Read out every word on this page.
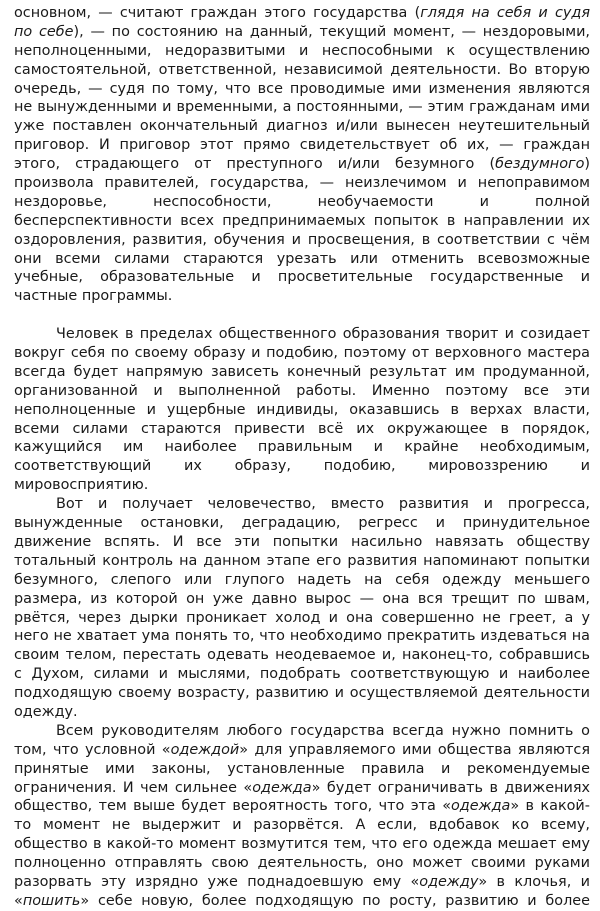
основном, — считают граждан этого государства (глядя на себя и судя
по себе), — по состоянию на данный, текущий момент, — нездоровыми,
неполноценными, недоразвитыми и неспособными к осуществлению
самостоятельной, ответственной, независимой деятельности. Во вторую
очередь, — судя по тому, что все проводимые ими изменения являются
не вынужденными и временными, а постоянными, — этим гражданам ими
уже поставлен окончательный диагноз и/или вынесен неутешительный
приговор. И приговор этот прямо свидетельствует об их, — граждан
этого, страдающего от преступного и/или безумного (бездумного)
произвола правителей, государства, — неизлечимом и непоправимом
нездоровье, неспособности, необучаемости и полной
бесперспективности всех предпринимаемых попыток в направлении их
оздоровления, развития, обучения и просвещения, в соответствии с чём
они всеми силами стараются урезать или отменить всевозможные
учебные, образовательные и просветительные государственные и
частные программы.
Человек в пределах общественного образования творит и созидает
вокруг себя по своему образу и подобию, поэтому от верховного мастера
всегда будет напрямую зависеть конечный результат им продуманной,
организованной и выполненной работы. Именно поэтому все эти
неполноценные и ущербные индивиды, оказавшись в верхах власти,
всеми силами стараются привести всё их окружающее в порядок,
кажущийся им наиболее правильным и крайне необходимым,
соответствующий их образу, подобию, мировоззрению и
мировосприятию.
Вот и получает человечество, вместо развития и прогресса,
вынужденные остановки, деградацию, регресс и принудительное
движение вспять. И все эти попытки насильно навязать обществу
тотальный контроль на данном этапе его развития напоминают попытки
безумного, слепого или глупого надеть на себя одежду меньшего
размера, из которой он уже давно вырос — она вся трещит по швам,
рвётся, через дырки проникает холод и она совершенно не греет, а у
него не хватает ума понять то, что необходимо прекратить издеваться на
своим телом, перестать одевать неодеваемое и, наконец-то, собравшись
с Духом, силами и мыслями, подобрать соответствующую и наиболее
подходящую своему возрасту, развитию и осуществляемой деятельности
одежду.
Всем руководителям любого государства всегда нужно помнить о
том, что условной «одеждой» для управляемого ими общества являются
принятые ими законы, установленные правила и рекомендуемые
ограничения. И чем сильнее «одежда» будет ограничивать в движениях
общество, тем выше будет вероятность того, что эта «одежда» в какой-
то момент не выдержит и разорвётся. А если, вдобавок ко всему,
общество в какой-то момент возмутится тем, что его одежда мешает ему
полноценно отправлять свою деятельность, оно может своими руками
разорвать эту изрядно уже поднадоевшую ему «одежду» в клочья, и
«пошить» себе новую, более подходящую по росту, развитию и более
